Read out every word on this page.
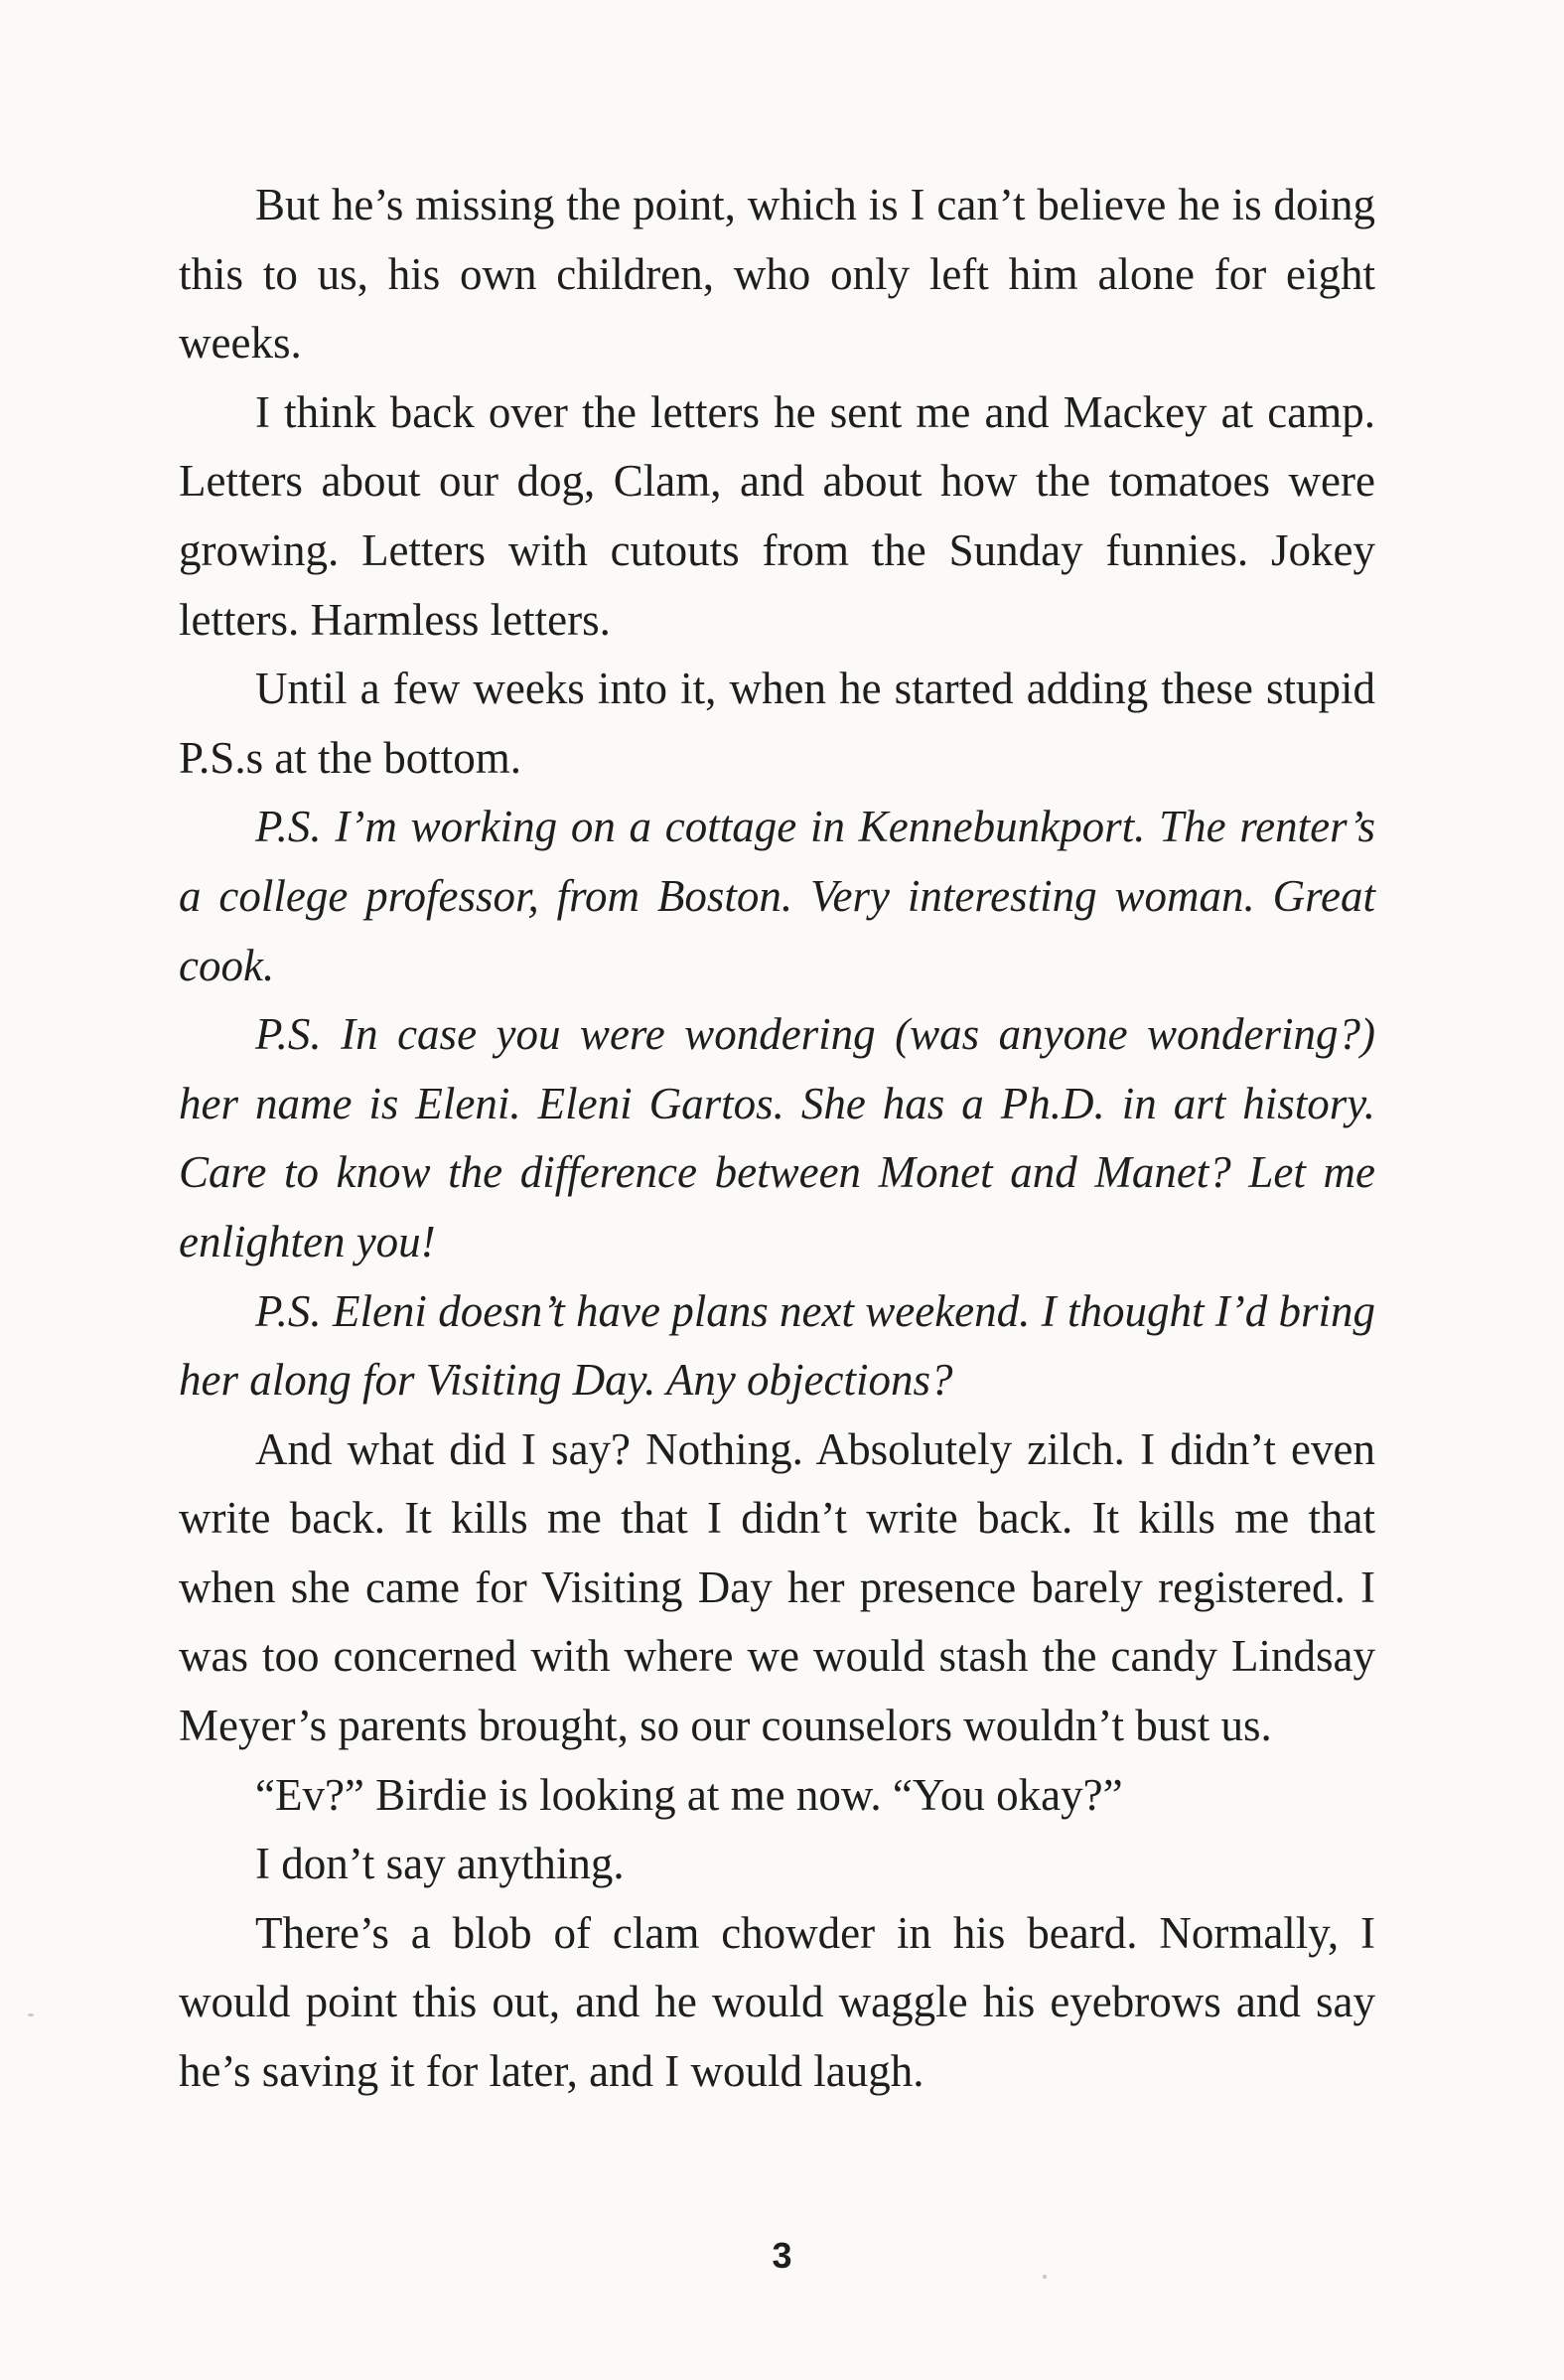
But he’s missing the point, which is I can’t believe he is doing this to us, his own children, who only left him alone for eight weeks.

I think back over the letters he sent me and Mackey at camp. Letters about our dog, Clam, and about how the tomatoes were growing. Letters with cutouts from the Sunday funnies. Jokey letters. Harmless letters.

Until a few weeks into it, when he started adding these stupid P.S.s at the bottom.

P.S. I’m working on a cottage in Kennebunkport. The renter’s a college professor, from Boston. Very interesting woman. Great cook.

P.S. In case you were wondering (was anyone wondering?) her name is Eleni. Eleni Gartos. She has a Ph.D. in art history. Care to know the difference between Monet and Manet? Let me enlighten you!

P.S. Eleni doesn’t have plans next weekend. I thought I’d bring her along for Visiting Day. Any objections?

And what did I say? Nothing. Absolutely zilch. I didn’t even write back. It kills me that I didn’t write back. It kills me that when she came for Visiting Day her presence barely registered. I was too concerned with where we would stash the candy Lindsay Meyer’s parents brought, so our counselors wouldn’t bust us.

“Ev?” Birdie is looking at me now. “You okay?”

I don’t say anything.

There’s a blob of clam chowder in his beard. Normally, I would point this out, and he would waggle his eyebrows and say he’s saving it for later, and I would laugh.

3
